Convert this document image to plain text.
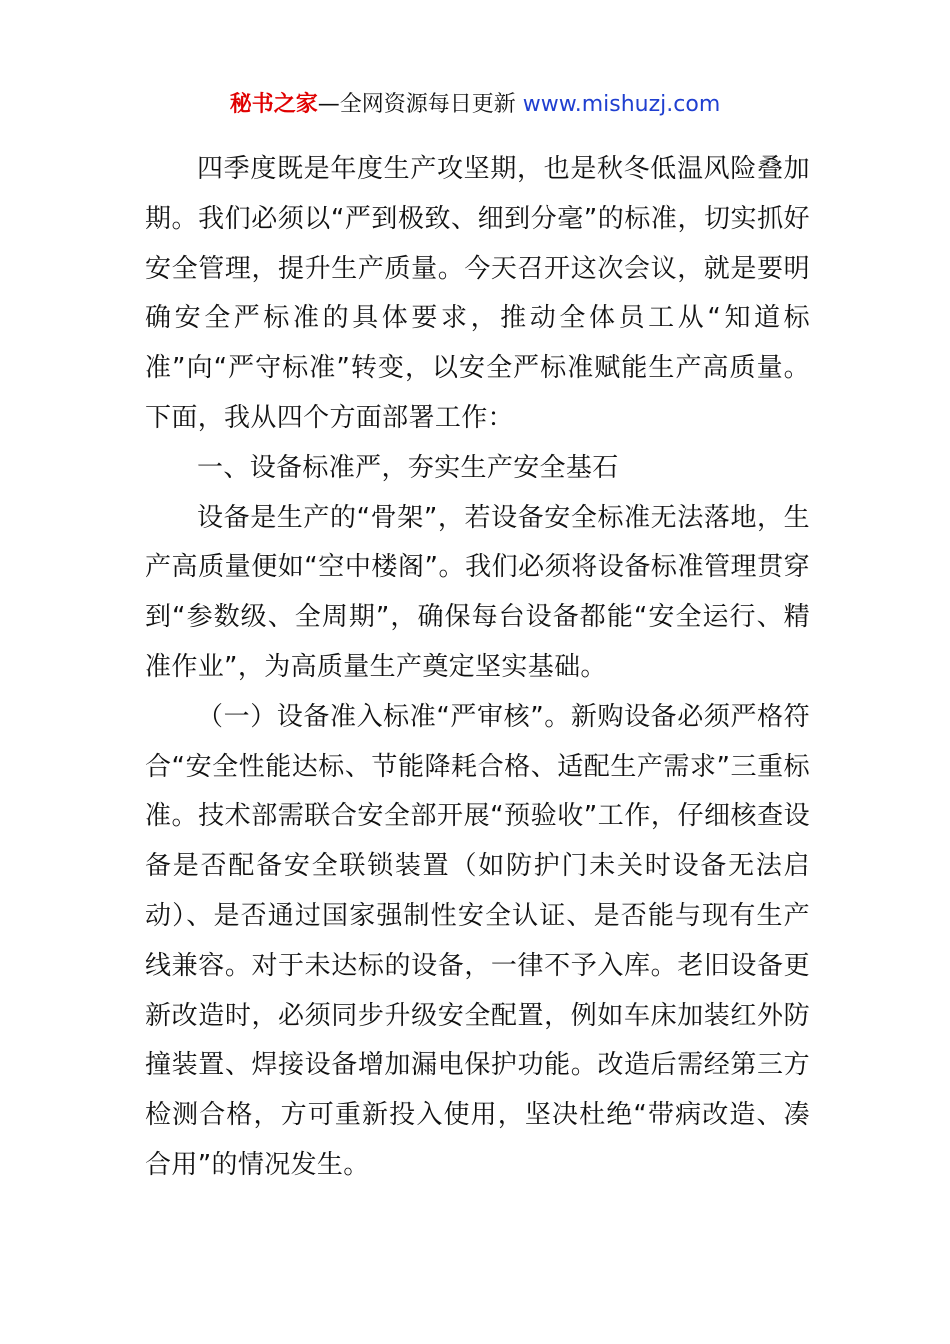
秘书之家—全网资源每日更新 www.mishuzj.com

四季度既是年度生产攻坚期，也是秋冬低温风险叠加期。我们必须以“严到极致、细到分毫”的标准，切实抓好安全管理，提升生产质量。今天召开这次会议，就是要明确安全严标准的具体要求，推动全体员工从“知道标准”向“严守标准”转变，以安全严标准赋能生产高质量。下面，我从四个方面部署工作：

一、设备标准严，夯实生产安全基石

设备是生产的“骨架”，若设备安全标准无法落地，生产高质量便如“空中楼阁”。我们必须将设备标准管理贯穿到“参数级、全周期”，确保每台设备都能“安全运行、精准作业”，为高质量生产奠定坚实基础。

（一）设备准入标准“严审核”。新购设备必须严格符合“安全性能达标、节能降耗合格、适配生产需求”三重标准。技术部需联合安全部开展“预验收”工作，仔细核查设备是否配备安全联锁装置（如防护门未关时设备无法启动）、是否通过国家强制性安全认证、是否能与现有生产线兼容。对于未达标的设备，一律不予入库。老旧设备更新改造时，必须同步升级安全配置，例如车床加装红外防撞装置、焊接设备增加漏电保护功能。改造后需经第三方检测合格，方可重新投入使用，坚决杜绝“带病改造、凑合用”的情况发生。
